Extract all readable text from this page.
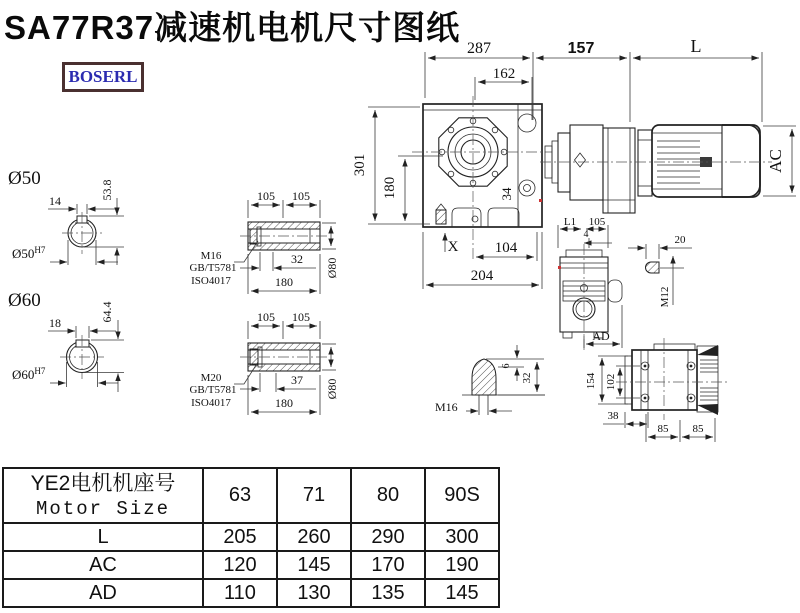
SA77R37减速机电机尺寸图纸
BOSERL
287
162
157	L
AC
301
180
X 104
204
34
Ø50
14
53.8
$Ø50^{H7}$
Ø60
18
64.4
$Ø60^{H7}$
105 105
M16
GB/T5781
ISO4017
32
180
Ø80
105 105
M20
GB/T5781
ISO4017
37
180
Ø80
L1 105
4
AD
20
M12
154 102
38
85 85
M16
6
32
YE2电机机座号
Motor Size	63	71	80	90S
L	205	260	290	300
AC	120	145	170	190
AD	110	130	135	145
